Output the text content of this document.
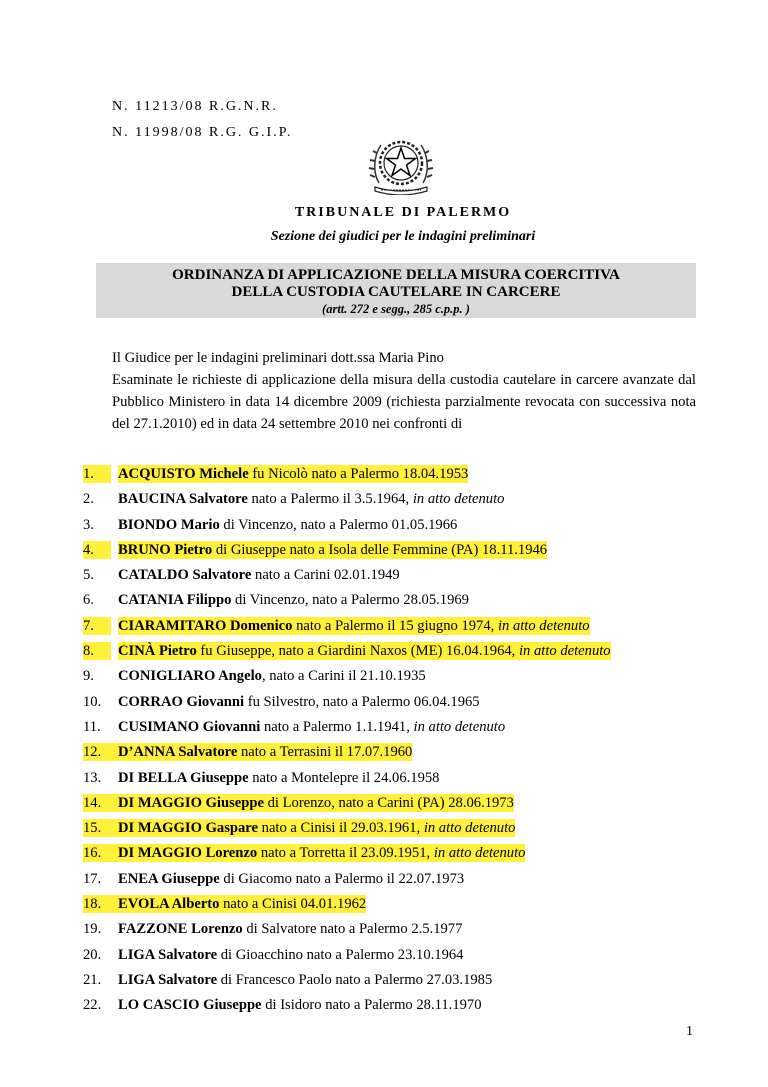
N. 11213/08 R.G.N.R.
N. 11998/08 R.G. G.I.P.
TRIBUNALE DI PALERMO
Sezione dei giudici per le indagini preliminari
ORDINANZA DI APPLICAZIONE DELLA MISURA COERCITIVA
DELLA CUSTODIA CAUTELARE IN CARCERE
(artt. 272 e segg., 285 c.p.p. )

Il Giudice per le indagini preliminari dott.ssa Maria Pino

Esaminate le richieste di applicazione della misura della custodia cautelare in carcere avanzate dal Pubblico Ministero in data 14 dicembre 2009 (richiesta parzialmente revocata con successiva nota del 27.1.2010) ed in data 24 settembre 2010 nei confronti di

1.	ACQUISTO Michele fu Nicolò nato a Palermo 18.04.1953
2. BAUCINA Salvatore nato a Palermo il 3.5.1964, in atto detenuto
3. BIONDO Mario di Vincenzo, nato a Palermo 01.05.1966
4.	BRUNO Pietro di Giuseppe nato a Isola delle Femmine (PA) 18.11.1946
5. CATALDO Salvatore nato a Carini 02.01.1949
6. CATANIA Filippo di Vincenzo, nato a Palermo 28.05.1969
7.	CIARAMITARO Domenico nato a Palermo il 15 giugno 1974, in atto detenuto
8.	CINÀ Pietro fu Giuseppe, nato a Giardini Naxos (ME) 16.04.1964, in atto detenuto
9. CONIGLIARO Angelo, nato a Carini il 21.10.1935
10. CORRAO Giovanni fu Silvestro, nato a Palermo 06.04.1965
11. CUSIMANO Giovanni nato a Palermo 1.1.1941, in atto detenuto
12.	D’ANNA Salvatore nato a Terrasini il 17.07.1960
13. DI BELLA Giuseppe nato a Montelepre il 24.06.1958
14.	DI MAGGIO Giuseppe di Lorenzo, nato a Carini (PA) 28.06.1973
15.	DI MAGGIO Gaspare nato a Cinisi il 29.03.1961, in atto detenuto
16.	DI MAGGIO Lorenzo nato a Torretta il 23.09.1951, in atto detenuto
17. ENEA Giuseppe di Giacomo nato a Palermo il 22.07.1973
18.	EVOLA Alberto nato a Cinisi 04.01.1962
19. FAZZONE Lorenzo di Salvatore nato a Palermo 2.5.1977
20. LIGA Salvatore di Gioacchino nato a Palermo 23.10.1964
21. LIGA Salvatore di Francesco Paolo nato a Palermo 27.03.1985
22. LO CASCIO Giuseppe di Isidoro nato a Palermo 28.11.1970
1
